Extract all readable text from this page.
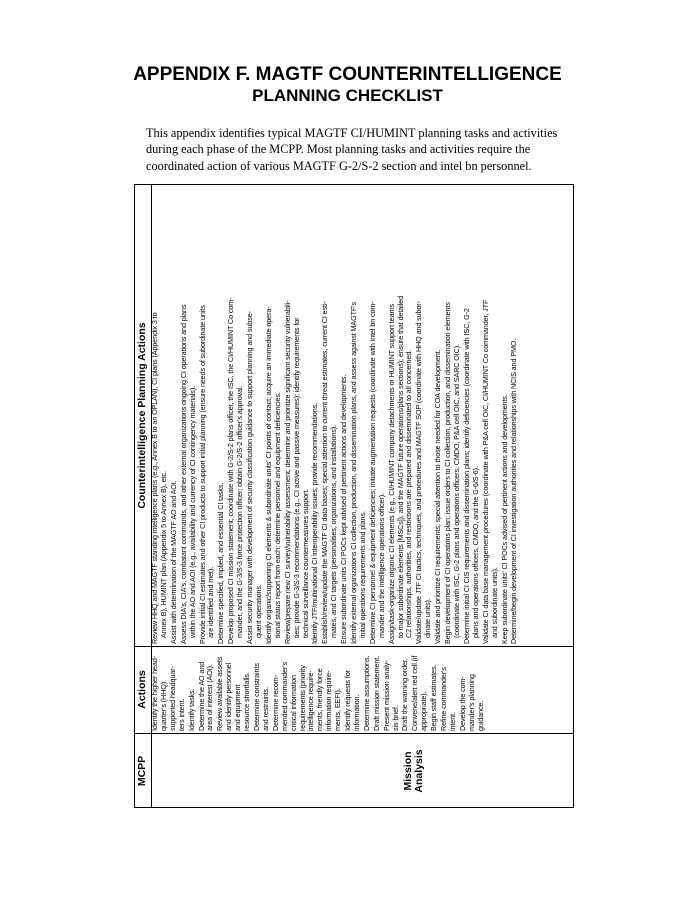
APPENDIX F. MAGTF COUNTERINTELLIGENCE
PLANNING CHECKLIST
This appendix identifies typical MAGTF CI/HUMINT planning tasks and activities
during each phase of the MCPP. Most planning tasks and activities require the
coordinated action of various MAGTF G-2/S-2 section and intel bn personnel.
MCPP
Actions
Counterintelligence Planning Actions
Mission Analysis
Identify the higher head- quarter's (HHQ) supported headquar- ters intent. Identify tasks. Determine the AO and area of interest (AOI). Review available assets and identify personnel and equipment resource shortfalls. Determine constraints and restraints. Determine recom- mended commander's critical information requirements (priority intelligence require- ments, friendly force information require- ments, EEFI). Identify requests for information. Determine assumptions. Draft mission statement. Present mission analy- sis brief. Draft the warning order. Convene/alert red cell (if appropriate). Begin staff estimates. Refine commander's intent. Develop the com- mander's planning guidance.
Review HHQ and MAGTF standing intelligence plans (e.g., Annex B to an OPLAN), CI plans (Appendix 3 to Annex B), HUMINT plan (Appendix 5 to Annex B), etc. Assist with determination of the MAGTF AO and AOI. Assess DIA's, CIA's, combatant commands, and other external organizations ongoing CI operations and plans within the AO and AOI (e.g., availability and currency of CI contingency materials). Provide initial CI estimates and other CI products to support initial planning (ensure needs of subordinate units are identified and met). Determine specified, implied, and essential CI tasks. Develop proposed CI mission statement; coordinate with G-2/S-2 plans officer, the ISC, the CI/HUMINT Co com- mander, and the G-3/S-3 force protection officer; obtain G-2/S-2 officer's approval. Assist security manager with development of security classification guidance to support planning and subse- quent operations. Identify organic/supporting CI elements & subordinate units' CI points of contact; acquire an immediate opera- tional status report from each; determine personnel and equipment deficiencies. Review/prepare new CI survey/vulnerability assessment; determine and prioritize significant security vulnerabili- ties; provide G-3/S-3 recommendations (e.g., CI active and passive measures); identify requirements for technical surveillance countermeasures support. Identify JTF/multinational CI interoperability issues; provide recommendations. Establish/review/update the MAGTF CI data bases; special attention to current threat estimates, current CI esti- mates, and CI targets (personalities, organizations, and installations). Ensure subordinate units CI POCs kept advised of pertinent actions and developments. Identify external organizations CI collection, production, and dissemination plans, and assess against MAGTF's initial operations requirements and plans. Determine CI personnel & equipment deficiencies; initiate augmentation requests (coordinate with intel bn com- mander and the intelligence operations officer). Assign/task-organize organic CI elements (e.g., CI/HUMINT company detachments or HUMINT support teams to major subordinate elements [MSCs]), and the MAGTF future operations/plans sections); ensure that detailed C2 relationships, authorities, and restrictions are prepared and disseminated to all concerned. Validate/update JTF CI tactics, techniques, and procedures and MAGTF SOP (coordinate with HHQ and subor- dinate units). Validate and prioritize CI requirements; special attention to those needed for COA development. Begin development of CI operations plan; issue orders to CI collection, production, and dissemination elements (coordinate with ISC, G-2 plans and operations officers, CMDO, P&A cell OIC, and SARC OIC). Determine initial CI CIS requirements and dissemination plans; identify deficiencies (coordinate with ISC, G-2 plans and operations officers, CMDO, and the G-6/S-6). Validate CI data base management procedures (coordinate with P&A cell OIC, CI/HUMINT Co commander, JTF and subordinate units). Keep subordinate units' CI POCs advised of pertinent actions and developments. Determine/begin development of CI investigation authorities and relationships with NCIS and PMO.
